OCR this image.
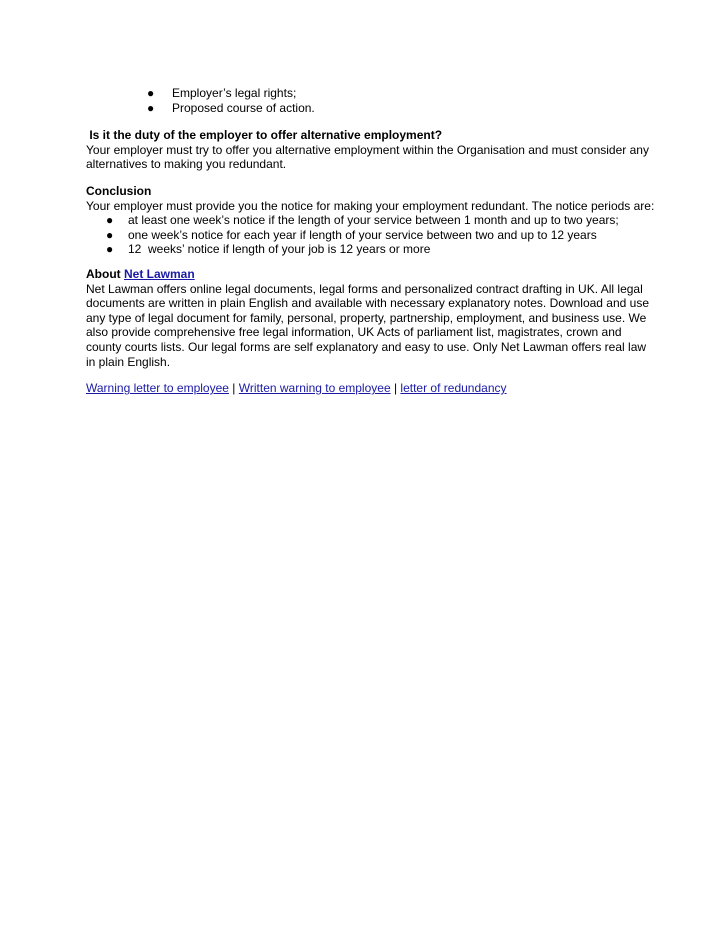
● Employer’s legal rights;
● Proposed course of action.
Is it the duty of the employer to offer alternative employment?

Your employer must try to offer you alternative employment within the Organisation and must consider any alternatives to making you redundant.

Conclusion

Your employer must provide you the notice for making your employment redundant. The notice periods are:

● at least one week’s notice if the length of your service between 1 month and up to two years;
● one week’s notice for each year if length of your service between two and up to 12 years
● 12  weeks’ notice if length of your job is 12 years or more
About Net Lawman

Net Lawman offers online legal documents, legal forms and personalized contract drafting in UK. All legal documents are written in plain English and available with necessary explanatory notes. Download and use any type of legal document for family, personal, property, partnership, employment, and business use. We also provide comprehensive free legal information, UK Acts of parliament list, magistrates, crown and county courts lists. Our legal forms are self explanatory and easy to use. Only Net Lawman offers real law in plain English.

Warning letter to employee | Written warning to employee | letter of redundancy
